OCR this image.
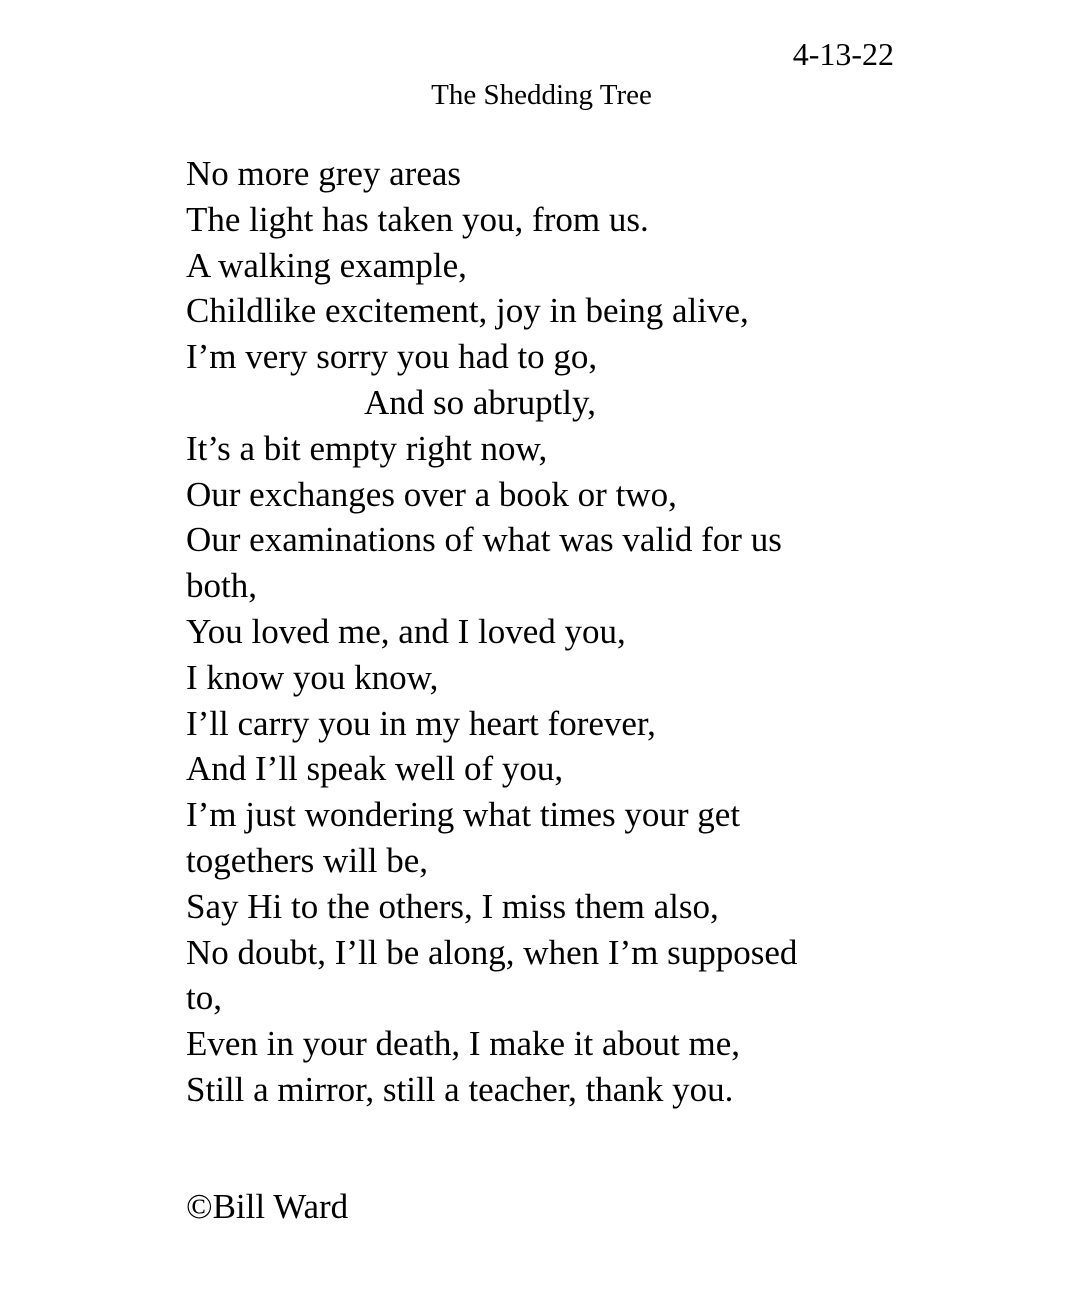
4-13-22
The Shedding Tree
No more grey areas
The light has taken you, from us.
A walking example,
Childlike excitement, joy in being alive,
I’m very sorry you had to go,
And so abruptly,
It’s a bit empty right now,
Our exchanges over a book or two,
Our examinations of what was valid for us
both,
You loved me, and I loved you,
I know you know,
I’ll carry you in my heart forever,
And I’ll speak well of you,
I’m just wondering what times your get
togethers will be,
Say Hi to the others, I miss them also,
No doubt, I’ll be along, when I’m supposed
to,
Even in your death, I make it about me,
Still a mirror, still a teacher, thank you.
©Bill Ward
